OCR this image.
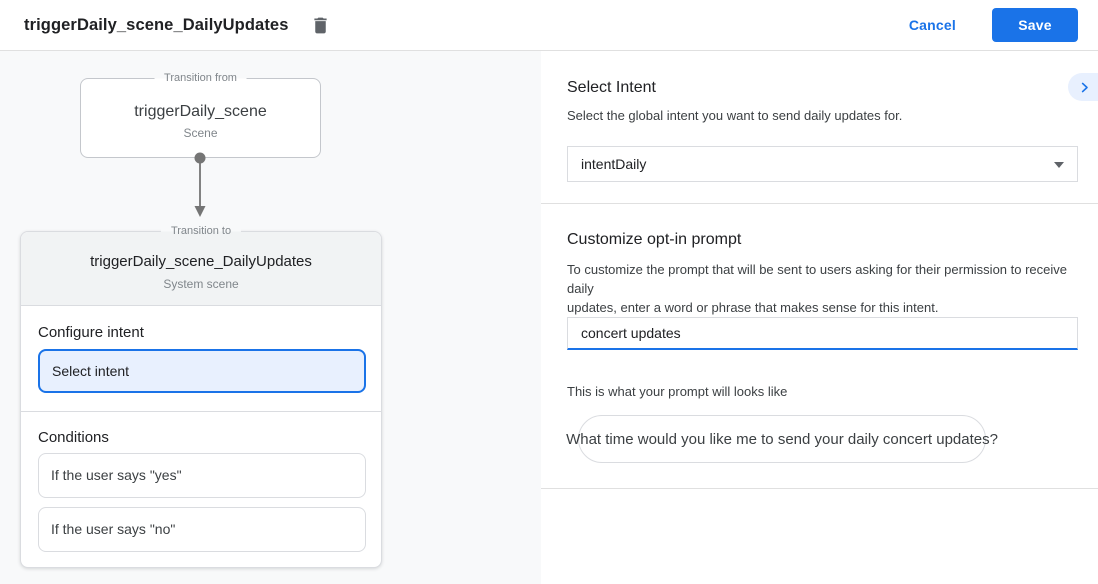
triggerDaily_scene_DailyUpdates	Cancel	Save
Transition from
triggerDaily_scene
Scene
triggerDaily_scene_DailyUpdates
System scene
Transition to
Configure intent
Select intent
Conditions
If the user says "yes"
If the user says "no"
Select Intent
Select the global intent you want to send daily updates for.
intentDaily
Customize opt-in prompt
To customize the prompt that will be sent to users asking for their permission to receive daily
updates, enter a word or phrase that makes sense for this intent.
concert updates
This is what your prompt will looks like
What time would you like me to send your daily concert updates?
